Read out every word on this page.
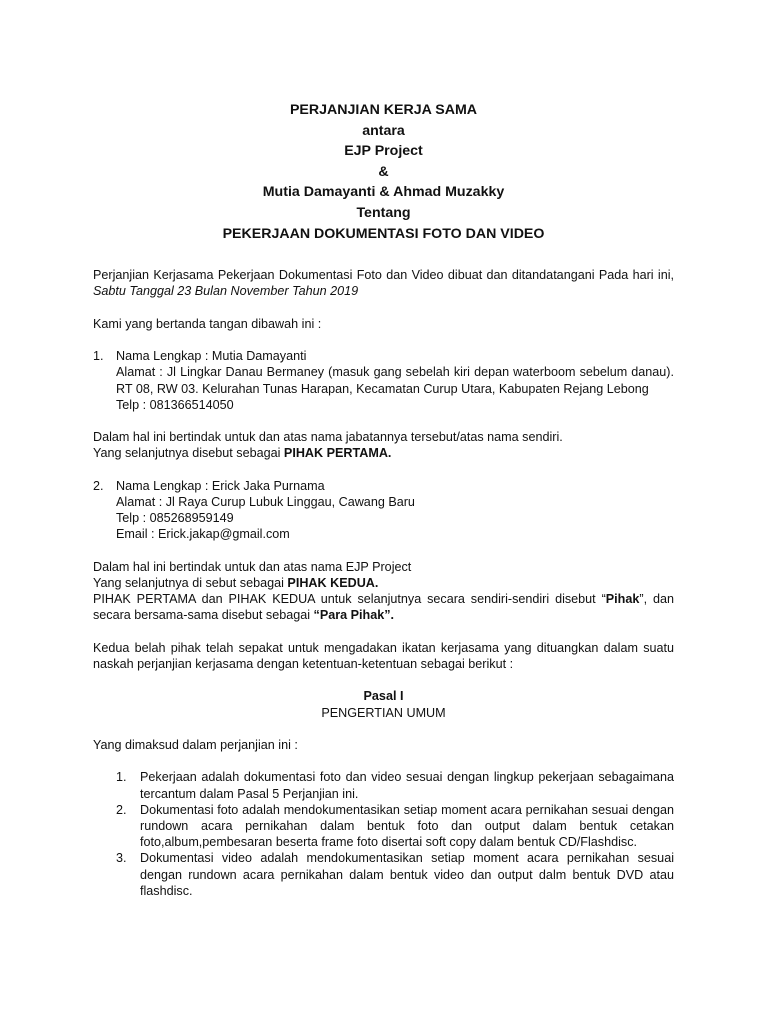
PERJANJIAN KERJA SAMA
antara
EJP Project
&
Mutia Damayanti & Ahmad Muzakky
Tentang
PEKERJAAN DOKUMENTASI FOTO DAN VIDEO

Perjanjian Kerjasama Pekerjaan Dokumentasi Foto dan Video dibuat dan ditandatangani Pada hari ini, Sabtu Tanggal 23 Bulan November Tahun 2019

Kami yang bertanda tangan dibawah ini :

1. Nama Lengkap : Mutia Damayanti
Alamat : Jl Lingkar Danau Bermaney (masuk gang sebelah kiri depan waterboom sebelum danau). RT 08, RW 03. Kelurahan Tunas Harapan, Kecamatan Curup Utara, Kabupaten Rejang Lebong
Telp : 081366514050

Dalam hal ini bertindak untuk dan atas nama jabatannya tersebut/atas nama sendiri.

Yang selanjutnya disebut sebagai PIHAK PERTAMA.

2. Nama Lengkap : Erick Jaka Purnama
Alamat : Jl Raya Curup Lubuk Linggau, Cawang Baru
Telp : 085268959149
Email : Erick.jakap@gmail.com

Dalam hal ini bertindak untuk dan atas nama EJP Project

Yang selanjutnya di sebut sebagai PIHAK KEDUA.

PIHAK PERTAMA dan PIHAK KEDUA untuk selanjutnya secara sendiri-sendiri disebut “Pihak”, dan secara bersama-sama disebut sebagai “Para Pihak”.

Kedua belah pihak telah sepakat untuk mengadakan ikatan kerjasama yang dituangkan dalam suatu naskah perjanjian kerjasama dengan ketentuan-ketentuan sebagai berikut :

Pasal I
PENGERTIAN UMUM

Yang dimaksud dalam perjanjian ini :

1.	Pekerjaan adalah dokumentasi foto dan video sesuai dengan lingkup pekerjaan sebagaimana tercantum dalam Pasal 5 Perjanjian ini.
2.	Dokumentasi foto adalah mendokumentasikan setiap moment acara pernikahan sesuai dengan rundown acara pernikahan dalam bentuk foto dan output dalam bentuk cetakan foto,album,pembesaran beserta frame foto disertai soft copy dalam bentuk CD/Flashdisc.
3.	Dokumentasi video adalah mendokumentasikan setiap moment acara pernikahan sesuai dengan rundown acara pernikahan dalam bentuk video dan output dalm bentuk DVD atau flashdisc.
